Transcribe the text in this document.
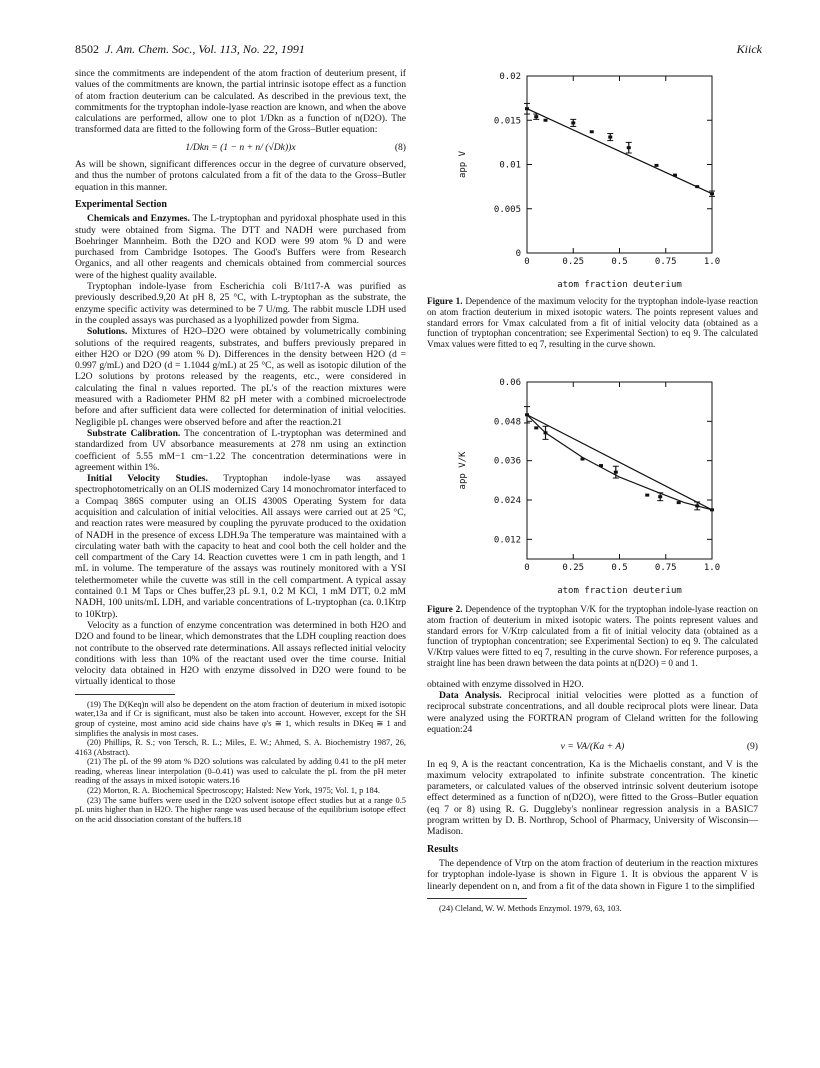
8502 J. Am. Chem. Soc., Vol. 113, No. 22, 1991	Kiick

since the commitments are independent of the atom fraction of deuterium present, if values of the commitments are known, the partial intrinsic isotope effect as a function of atom fraction deuterium can be calculated. As described in the previous text, the commitments for the tryptophan indole-lyase reaction are known, and when the above calculations are performed, allow one to plot 1/Dkn as a function of n(D2O). The transformed data are fitted to the following form of the Gross–Butler equation:

1/Dkn = (1 − n + n/ (√Dk))x	(8)

As will be shown, significant differences occur in the degree of curvature observed, and thus the number of protons calculated from a fit of the data to the Gross–Butler equation in this manner.

Experimental Section

Chemicals and Enzymes. The L-tryptophan and pyridoxal phosphate used in this study were obtained from Sigma. The DTT and NADH were purchased from Boehringer Mannheim. Both the D2O and KOD were 99 atom % D and were purchased from Cambridge Isotopes. The Good's Buffers were from Research Organics, and all other reagents and chemicals obtained from commercial sources were of the highest quality available.

Tryptophan indole-lyase from Escherichia coli B/1t17-A was purified as previously described.9,20 At pH 8, 25 °C, with L-tryptophan as the substrate, the enzyme specific activity was determined to be 7 U/mg. The rabbit muscle LDH used in the coupled assays was purchased as a lyophilized powder from Sigma.

Solutions. Mixtures of H2O–D2O were obtained by volumetrically combining solutions of the required reagents, substrates, and buffers previously prepared in either H2O or D2O (99 atom % D). Differences in the density between H2O (d = 0.997 g/mL) and D2O (d = 1.1044 g/mL) at 25 °C, as well as isotopic dilution of the L2O solutions by protons released by the reagents, etc., were considered in calculating the final n values reported. The pL's of the reaction mixtures were measured with a Radiometer PHM 82 pH meter with a combined microelectrode before and after sufficient data were collected for determination of initial velocities. Negligible pL changes were observed before and after the reaction.21

Substrate Calibration. The concentration of L-tryptophan was determined and standardized from UV absorbance measurements at 278 nm using an extinction coefficient of 5.55 mM−1 cm−1.22 The concentration determinations were in agreement within 1%.

Initial Velocity Studies. Tryptophan indole-lyase was assayed spectrophotometrically on an OLIS modernized Cary 14 monochromator interfaced to a Compaq 386S computer using an OLIS 4300S Operating System for data acquisition and calculation of initial velocities. All assays were carried out at 25 °C, and reaction rates were measured by coupling the pyruvate produced to the oxidation of NADH in the presence of excess LDH.9a The temperature was maintained with a circulating water bath with the capacity to heat and cool both the cell holder and the cell compartment of the Cary 14. Reaction cuvettes were 1 cm in path length, and 1 mL in volume. The temperature of the assays was routinely monitored with a YSI telethermometer while the cuvette was still in the cell compartment. A typical assay contained 0.1 M Taps or Ches buffer,23 pL 9.1, 0.2 M KCl, 1 mM DTT, 0.2 mM NADH, 100 units/mL LDH, and variable concentrations of L-tryptophan (ca. 0.1Ktrp to 10Ktrp).

Velocity as a function of enzyme concentration was determined in both H2O and D2O and found to be linear, which demonstrates that the LDH coupling reaction does not contribute to the observed rate determinations. All assays reflected initial velocity conditions with less than 10% of the reactant used over the time course. Initial velocity data obtained in H2O with enzyme dissolved in D2O were found to be virtually identical to those

(19) The D(Keq)n will also be dependent on the atom fraction of deuterium in mixed isotopic water,13a and if Cr is significant, must also be taken into account. However, except for the SH group of cysteine, most amino acid side chains have φ's ≅ 1, which results in DKeq ≅ 1 and simplifies the analysis in most cases.

(20) Phillips, R. S.; von Tersch, R. L.; Miles, E. W.; Ahmed, S. A. Biochemistry 1987, 26, 4163 (Abstract).

(21) The pL of the 99 atom % D2O solutions was calculated by adding 0.41 to the pH meter reading, whereas linear interpolation (0–0.41) was used to calculate the pL from the pH meter reading of the assays in mixed isotopic waters.16

(22) Morton, R. A. Biochemical Spectroscopy; Halsted: New York, 1975; Vol. 1, p 184.

(23) The same buffers were used in the D2O solvent isotope effect studies but at a range 0.5 pL units higher than in H2O. The higher range was used because of the equilibrium isotope effect on the acid dissociation constant of the buffers.18

0	0.25	0.5	0.75	1.0
0
0.005
0.01
0.015
0.02
app V
atom fraction deuterium

Figure 1. Dependence of the maximum velocity for the tryptophan indole-lyase reaction on atom fraction deuterium in mixed isotopic waters. The points represent values and standard errors for Vmax calculated from a fit of initial velocity data (obtained as a function of tryptophan concentration; see Experimental Section) to eq 9. The calculated Vmax values were fitted to eq 7, resulting in the curve shown.

0	0.25	0.5	0.75	1.0
0.012
0.024
0.036
0.048
0.06
app V/K
atom fraction deuterium

Figure 2. Dependence of the tryptophan V/K for the tryptophan indole-lyase reaction on atom fraction of deuterium in mixed isotopic waters. The points represent values and standard errors for V/Ktrp calculated from a fit of initial velocity data (obtained as a function of tryptophan concentration; see Experimental Section) to eq 9. The calculated V/Ktrp values were fitted to eq 7, resulting in the curve shown. For reference purposes, a straight line has been drawn between the data points at n(D2O) = 0 and 1.

obtained with enzyme dissolved in H2O.

Data Analysis. Reciprocal initial velocities were plotted as a function of reciprocal substrate concentrations, and all double reciprocal plots were linear. Data were analyzed using the FORTRAN program of Cleland written for the following equation:24

v = VA/(Ka + A)	(9)

In eq 9, A is the reactant concentration, Ka is the Michaelis constant, and V is the maximum velocity extrapolated to infinite substrate concentration. The kinetic parameters, or calculated values of the observed intrinsic solvent deuterium isotope effect determined as a function of n(D2O), were fitted to the Gross–Butler equation (eq 7 or 8) using R. G. Duggleby's nonlinear regression analysis in a BASIC7 program written by D. B. Northrop, School of Pharmacy, University of Wisconsin—Madison.

Results

The dependence of Vtrp on the atom fraction of deuterium in the reaction mixtures for tryptophan indole-lyase is shown in Figure 1. It is obvious the apparent V is linearly dependent on n, and from a fit of the data shown in Figure 1 to the simplified

(24) Cleland, W. W. Methods Enzymol. 1979, 63, 103.
